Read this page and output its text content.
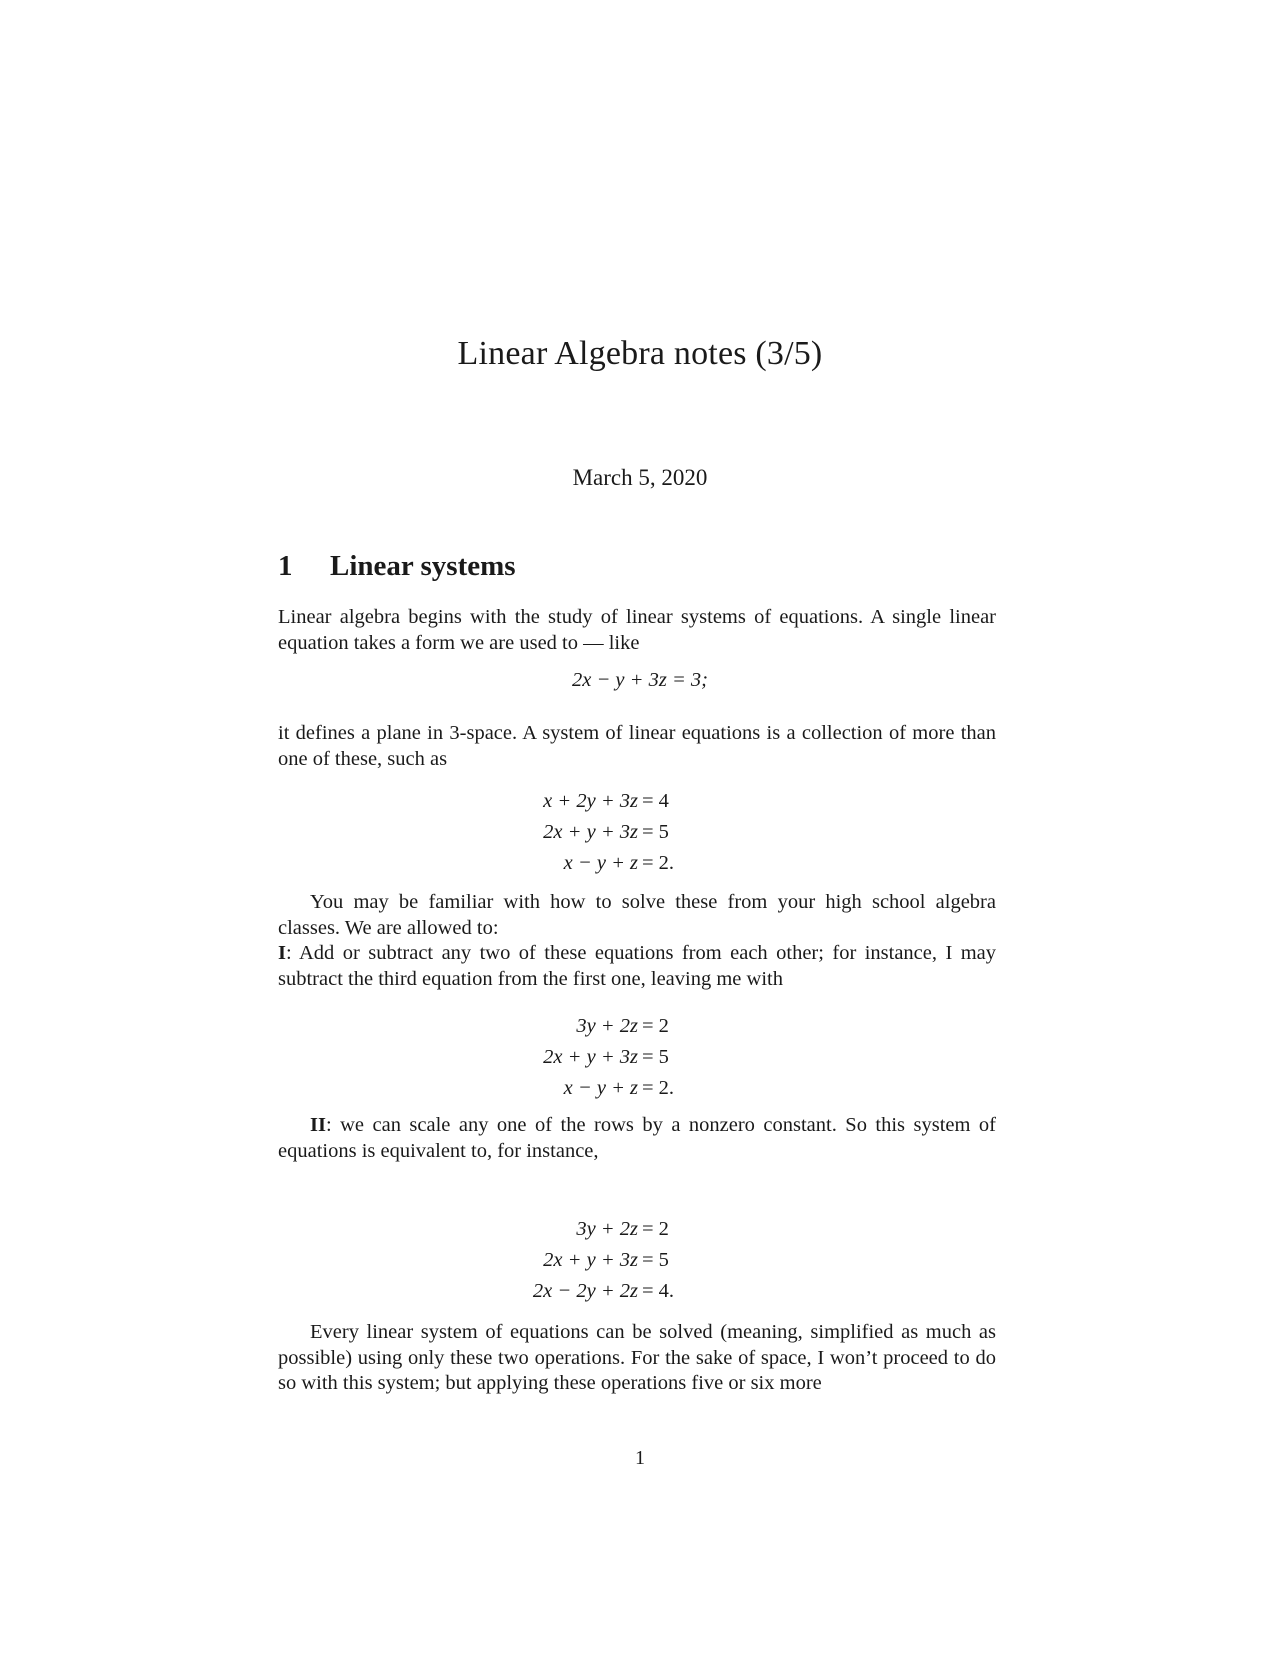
Linear Algebra notes (3/5)
March 5, 2020
1 Linear systems
Linear algebra begins with the study of linear systems of equations. A single linear equation takes a form we are used to — like
2x − y + 3z = 3;
it defines a plane in 3-space. A system of linear equations is a collection of more than one of these, such as
x + 2y + 3z = 4
2x + y + 3z = 5
x − y + z = 2.
You may be familiar with how to solve these from your high school algebra classes. We are allowed to:
I: Add or subtract any two of these equations from each other; for instance, I may subtract the third equation from the first one, leaving me with
3y + 2z = 2
2x + y + 3z = 5
x − y + z = 2.
II: we can scale any one of the rows by a nonzero constant. So this system of equations is equivalent to, for instance,
3y + 2z = 2
2x + y + 3z = 5
2x − 2y + 2z = 4.
Every linear system of equations can be solved (meaning, simplified as much as possible) using only these two operations. For the sake of space, I won’t proceed to do so with this system; but applying these operations five or six more
1
